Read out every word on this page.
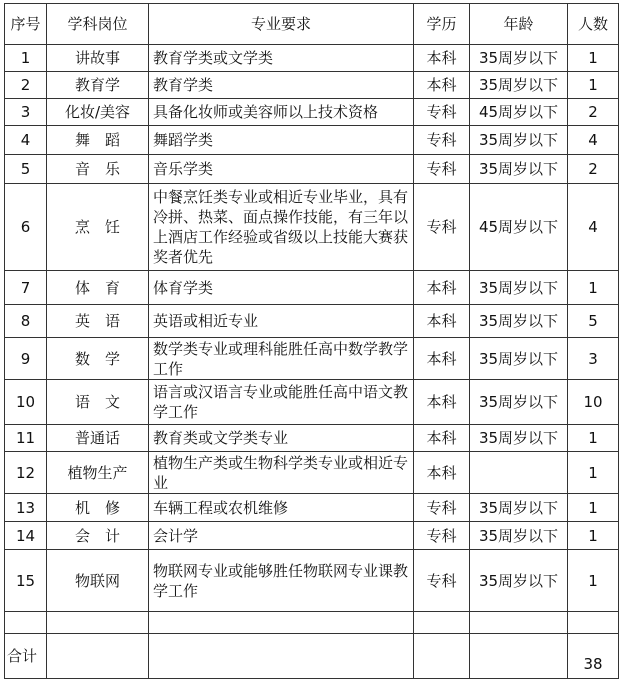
序号	学科岗位	专业要求	学历	年龄	人数
1	讲故事	教育学类或文学类	本科	35周岁以下	1
2	教育学	教育学类	本科	35周岁以下	1
3	化妆/美容	具备化妆师或美容师以上技术资格	专科	45周岁以下	2
4	舞　蹈	舞蹈学类	专科	35周岁以下	4
5	音　乐	音乐学类	专科	35周岁以下	2
6	烹　饪	中餐烹饪类专业或相近专业毕业，具有冷拼、热菜、面点操作技能，有三年以上酒店工作经验或省级以上技能大赛获奖者优先	专科	45周岁以下	4
7	体　育	体育学类	本科	35周岁以下	1
8	英　语	英语或相近专业	本科	35周岁以下	5
9	数　学	数学类专业或理科能胜任高中数学教学工作	本科	35周岁以下	3
10	语　文	语言或汉语言专业或能胜任高中语文教学工作	本科	35周岁以下	10
11	普通话	教育类或文学类专业	本科	35周岁以下	1
12	植物生产	植物生产类或生物科学类专业或相近专业	本科		1
13	机　修	车辆工程或农机维修	专科	35周岁以下	1
14	会　计	会计学	专科	35周岁以下	1
15	物联网	物联网专业或能够胜任物联网专业课教学工作	专科	35周岁以下	1

合计					38
